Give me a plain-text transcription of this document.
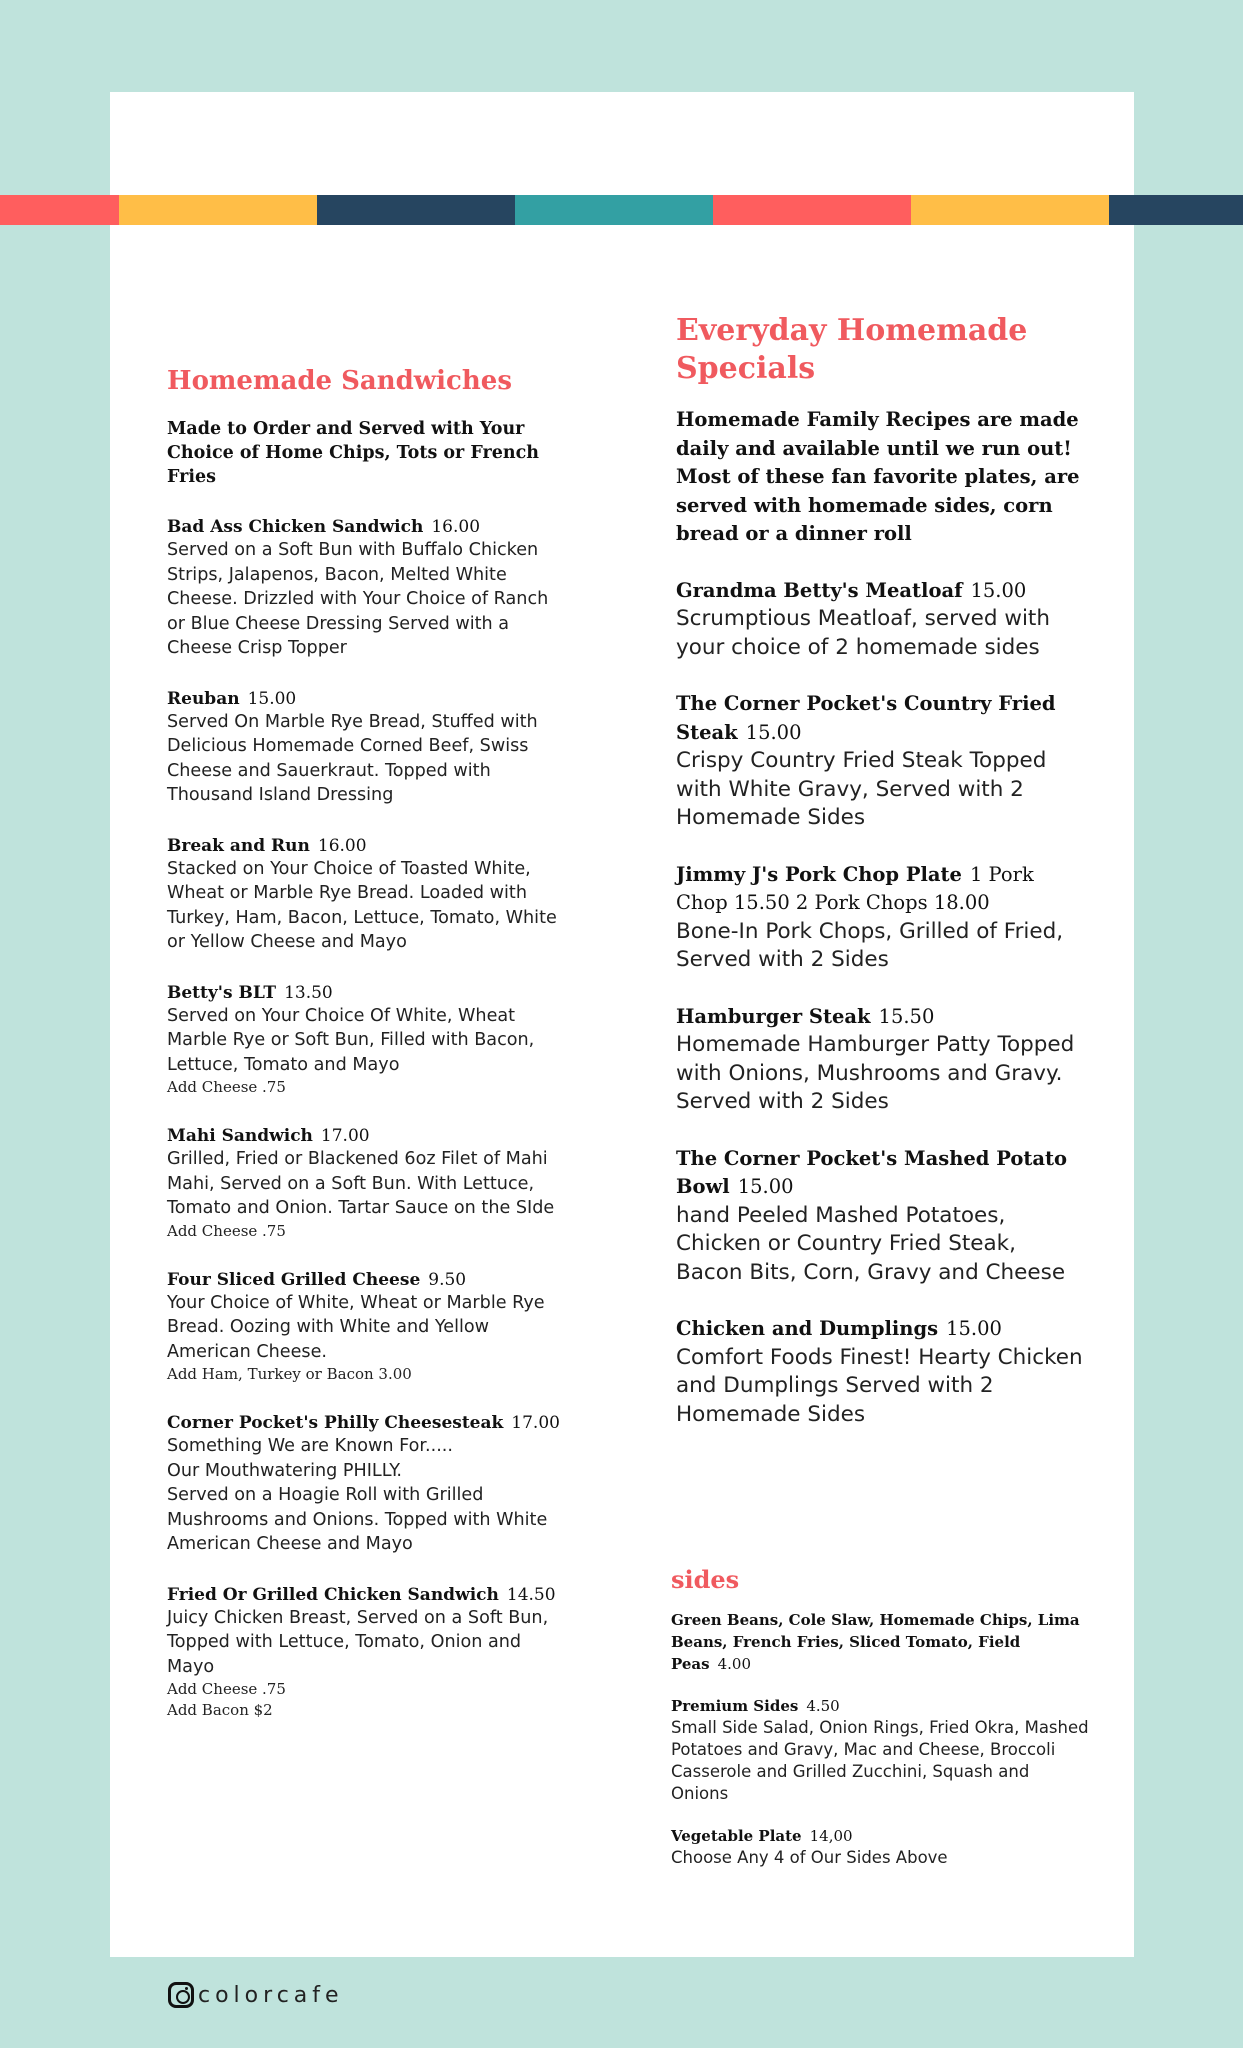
Homemade Sandwiches
Made to Order and Served with Your Choice of Home Chips, Tots or French Fries
Bad Ass Chicken Sandwich 16.00
Served on a Soft Bun with Buffalo Chicken Strips, Jalapenos, Bacon, Melted White Cheese. Drizzled with Your Choice of Ranch or Blue Cheese Dressing Served with a Cheese Crisp Topper
Reuban 15.00
Served On Marble Rye Bread, Stuffed with Delicious Homemade Corned Beef, Swiss Cheese and Sauerkraut. Topped with Thousand Island Dressing
Break and Run 16.00
Stacked on Your Choice of Toasted White, Wheat or Marble Rye Bread. Loaded with Turkey, Ham, Bacon, Lettuce, Tomato, White or Yellow Cheese and Mayo
Betty's BLT 13.50
Served on Your Choice Of White, Wheat Marble Rye or Soft Bun, Filled with Bacon, Lettuce, Tomato and Mayo
Add Cheese .75
Mahi Sandwich 17.00
Grilled, Fried or Blackened 6oz Filet of Mahi Mahi, Served on a Soft Bun. With Lettuce, Tomato and Onion. Tartar Sauce on the SIde
Add Cheese .75
Four Sliced Grilled Cheese 9.50
Your Choice of White, Wheat or Marble Rye Bread. Oozing with White and Yellow American Cheese.
Add Ham, Turkey or Bacon 3.00
Corner Pocket's Philly Cheesesteak 17.00
Something We are Known For.....
Our Mouthwatering PHILLY.
Served on a Hoagie Roll with Grilled Mushrooms and Onions. Topped with White American Cheese and Mayo
Fried Or Grilled Chicken Sandwich 14.50
Juicy Chicken Breast, Served on a Soft Bun, Topped with Lettuce, Tomato, Onion and Mayo
Add Cheese .75
Add Bacon $2
Everyday Homemade Specials
Homemade Family Recipes are made daily and available until we run out! Most of these fan favorite plates, are served with homemade sides, corn bread or a dinner roll
Grandma Betty's Meatloaf 15.00
Scrumptious Meatloaf, served with your choice of 2 homemade sides
The Corner Pocket's Country Fried Steak 15.00
Crispy Country Fried Steak Topped with White Gravy, Served with 2 Homemade Sides
Jimmy J's Pork Chop Plate 1 Pork Chop 15.50 2 Pork Chops 18.00
Bone-In Pork Chops, Grilled of Fried, Served with 2 Sides
Hamburger Steak 15.50
Homemade Hamburger Patty Topped with Onions, Mushrooms and Gravy. Served with 2 Sides
The Corner Pocket's Mashed Potato Bowl 15.00
hand Peeled Mashed Potatoes, Chicken or Country Fried Steak, Bacon Bits, Corn, Gravy and Cheese
Chicken and Dumplings 15.00
Comfort Foods Finest! Hearty Chicken and Dumplings Served with 2 Homemade Sides
sides
Green Beans, Cole Slaw, Homemade Chips, Lima Beans, French Fries, Sliced Tomato, Field Peas 4.00
Premium Sides 4.50
Small Side Salad, Onion Rings, Fried Okra, Mashed Potatoes and Gravy, Mac and Cheese, Broccoli Casserole and Grilled Zucchini, Squash and Onions
Vegetable Plate 14,00
Choose Any 4 of Our Sides Above
colorcafe
